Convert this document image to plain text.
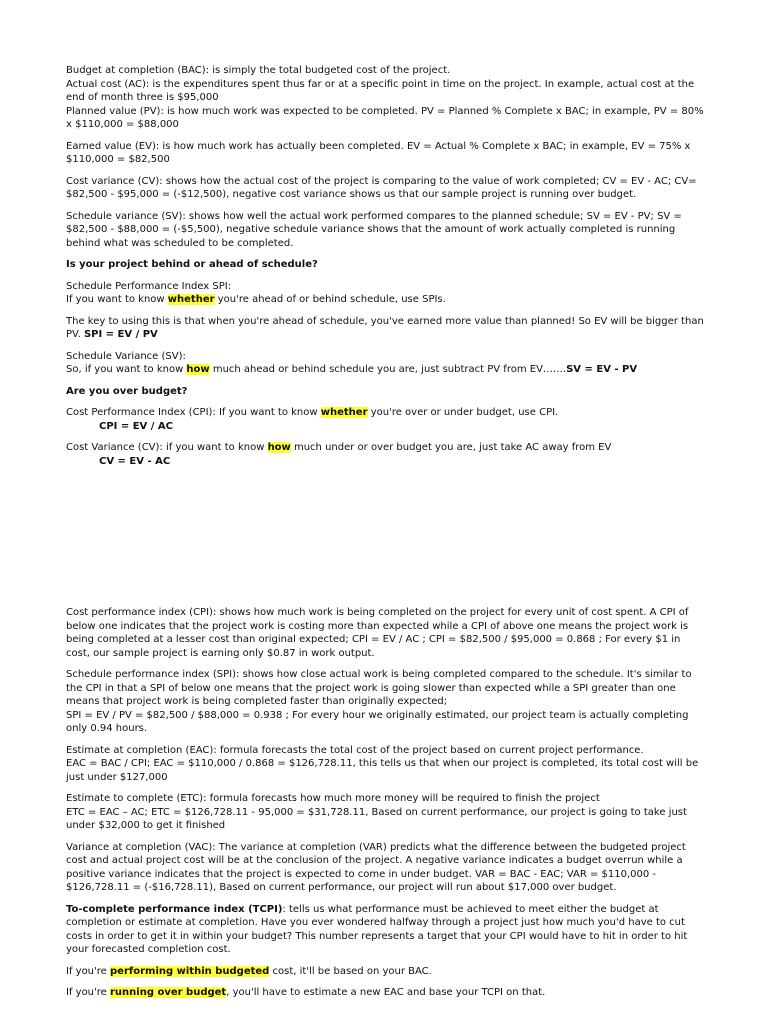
Budget at completion (BAC): is simply the total budgeted cost of the project.

Actual cost (AC): is the expenditures spent thus far or at a specific point in time on the project. In example, actual cost at the end of month three is $95,000

Planned value (PV): is how much work was expected to be completed. PV = Planned % Complete x BAC; in example, PV = 80% x $110,000 = $88,000

Earned value (EV): is how much work has actually been completed. EV = Actual % Complete x BAC; in example, EV = 75% x $110,000 = $82,500

Cost variance (CV): shows how the actual cost of the project is comparing to the value of work completed; CV = EV - AC; CV= $82,500 - $95,000 = (-$12,500), negative cost variance shows us that our sample project is running over budget.

Schedule variance (SV): shows how well the actual work performed compares to the planned schedule; SV = EV - PV; SV = $82,500 - $88,000 = (-$5,500), negative schedule variance shows that the amount of work actually completed is running behind what was scheduled to be completed.

Is your project behind or ahead of schedule?

Schedule Performance Index SPI:
If you want to know whether you're ahead of or behind schedule, use SPIs.

The key to using this is that when you're ahead of schedule, you've earned more value than planned! So EV will be bigger than PV. SPI = EV / PV

Schedule Variance (SV):
So, if you want to know how much ahead or behind schedule you are, just subtract PV from EV…….SV = EV - PV

Are you over budget?

Cost Performance Index (CPI): If you want to know whether you're over or under budget, use CPI.
CPI = EV / AC

Cost Variance (CV): if you want to know how much under or over budget you are, just take AC away from EV
CV = EV - AC

Cost performance index (CPI): shows how much work is being completed on the project for every unit of cost spent. A CPI of below one indicates that the project work is costing more than expected while a CPI of above one means the project work is being completed at a lesser cost than original expected; CPI = EV / AC ; CPI = $82,500 / $95,000 = 0.868 ; For every $1 in cost, our sample project is earning only $0.87 in work output.

Schedule performance index (SPI): shows how close actual work is being completed compared to the schedule. It's similar to the CPI in that a SPI of below one means that the project work is going slower than expected while a SPI greater than one means that project work is being completed faster than originally expected;
SPI = EV / PV = $82,500 / $88,000 = 0.938 ; For every hour we originally estimated, our project team is actually completing only 0.94 hours.

Estimate at completion (EAC): formula forecasts the total cost of the project based on current project performance.
EAC = BAC / CPI; EAC = $110,000 / 0.868 = $126,728.11, this tells us that when our project is completed, its total cost will be just under $127,000

Estimate to complete (ETC): formula forecasts how much more money will be required to finish the project
ETC = EAC – AC; ETC = $126,728.11 - 95,000 = $31,728.11, Based on current performance, our project is going to take just under $32,000 to get it finished

Variance at completion (VAC): The variance at completion (VAR) predicts what the difference between the budgeted project cost and actual project cost will be at the conclusion of the project. A negative variance indicates a budget overrun while a positive variance indicates that the project is expected to come in under budget. VAR = BAC - EAC; VAR = $110,000 - $126,728.11 = (-$16,728.11), Based on current performance, our project will run about $17,000 over budget.

To-complete performance index (TCPI): tells us what performance must be achieved to meet either the budget at completion or estimate at completion. Have you ever wondered halfway through a project just how much you'd have to cut costs in order to get it in within your budget? This number represents a target that your CPI would have to hit in order to hit your forecasted completion cost.

If you're performing within budgeted cost, it'll be based on your BAC.

If you're running over budget, you'll have to estimate a new EAC and base your TCPI on that.
